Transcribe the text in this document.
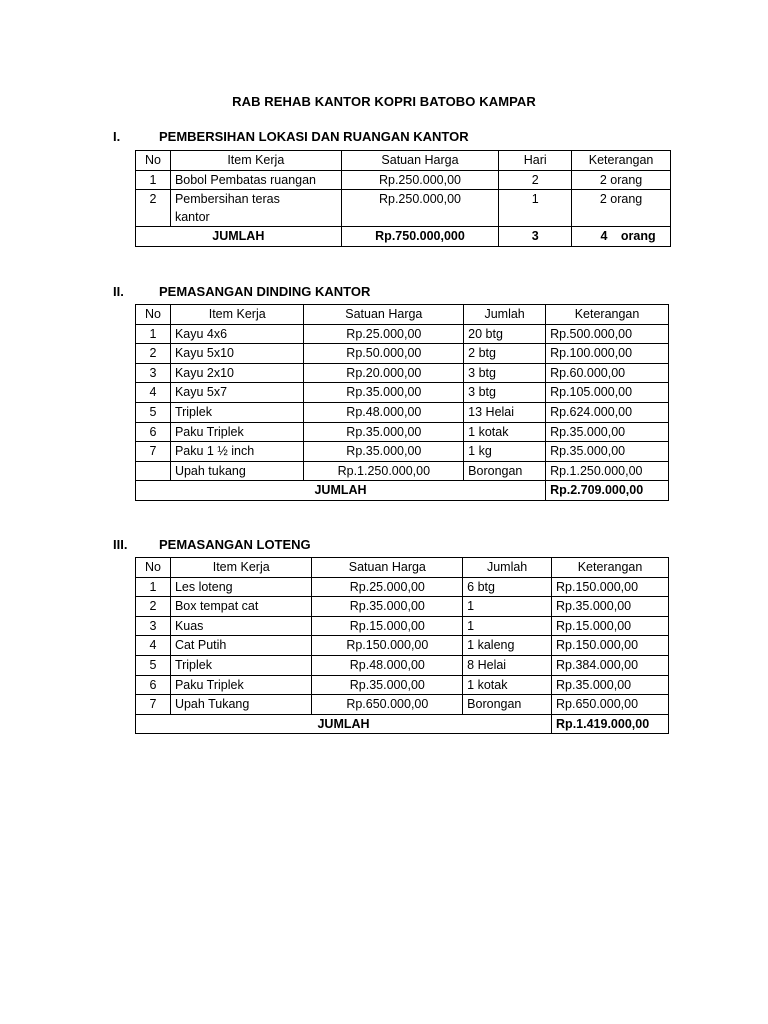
RAB REHAB KANTOR KOPRI BATOBO KAMPAR
I.	PEMBERSIHAN LOKASI DAN RUANGAN KANTOR
No	Item Kerja	Satuan Harga	Hari	Keterangan
1	Bobol Pembatas ruangan	Rp.250.000,00	2	2 orang
2	Pembersihan teras kantor	Rp.250.000,00	1	2 orang
JUMLAH		Rp.750.000,000	3	4 orang
II.	PEMASANGAN DINDING KANTOR
No	Item Kerja	Satuan Harga	Jumlah	Keterangan
1	Kayu 4x6	Rp.25.000,00	20 btg	Rp.500.000,00
2	Kayu 5x10	Rp.50.000,00	2 btg	Rp.100.000,00
3	Kayu 2x10	Rp.20.000,00	3 btg	Rp.60.000,00
4	Kayu 5x7	Rp.35.000,00	3 btg	Rp.105.000,00
5	Triplek	Rp.48.000,00	13 Helai	Rp.624.000,00
6	Paku Triplek	Rp.35.000,00	1 kotak	Rp.35.000,00
7	Paku 1 ½ inch	Rp.35.000,00	1 kg	Rp.35.000,00
	Upah tukang	Rp.1.250.000,00	Borongan	Rp.1.250.000,00
JUMLAH				Rp.2.709.000,00
III. PEMASANGAN LOTENG
No	Item Kerja	Satuan Harga	Jumlah	Keterangan
1	Les loteng	Rp.25.000,00	6 btg	Rp.150.000,00
2	Box tempat cat	Rp.35.000,00	1	Rp.35.000,00
3	Kuas	Rp.15.000,00	1	Rp.15.000,00
4	Cat Putih	Rp.150.000,00	1 kaleng	Rp.150.000,00
5	Triplek	Rp.48.000,00	8 Helai	Rp.384.000,00
6	Paku Triplek	Rp.35.000,00	1 kotak	Rp.35.000,00
7	Upah Tukang	Rp.650.000,00	Borongan	Rp.650.000,00
JUMLAH				Rp.1.419.000,00
